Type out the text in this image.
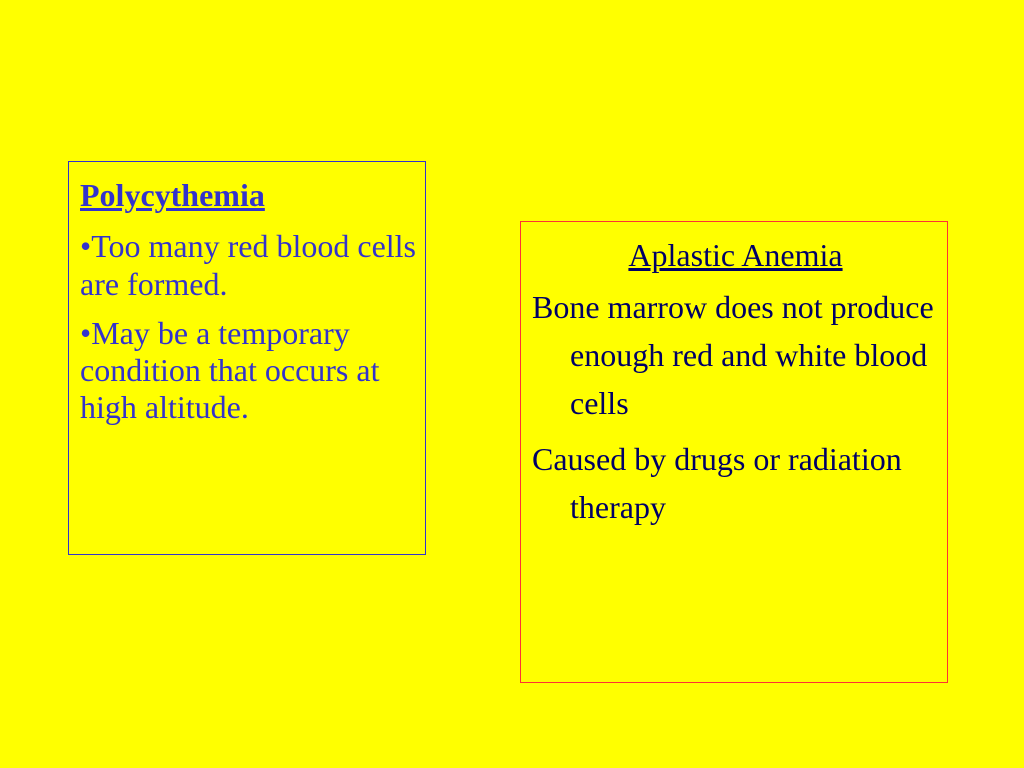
Polycythemia
•Too many red blood cells are formed.
•May be a temporary condition that occurs at high altitude.
Aplastic Anemia
Bone marrow does not produce enough red and white blood cells
Caused by drugs or radiation therapy
